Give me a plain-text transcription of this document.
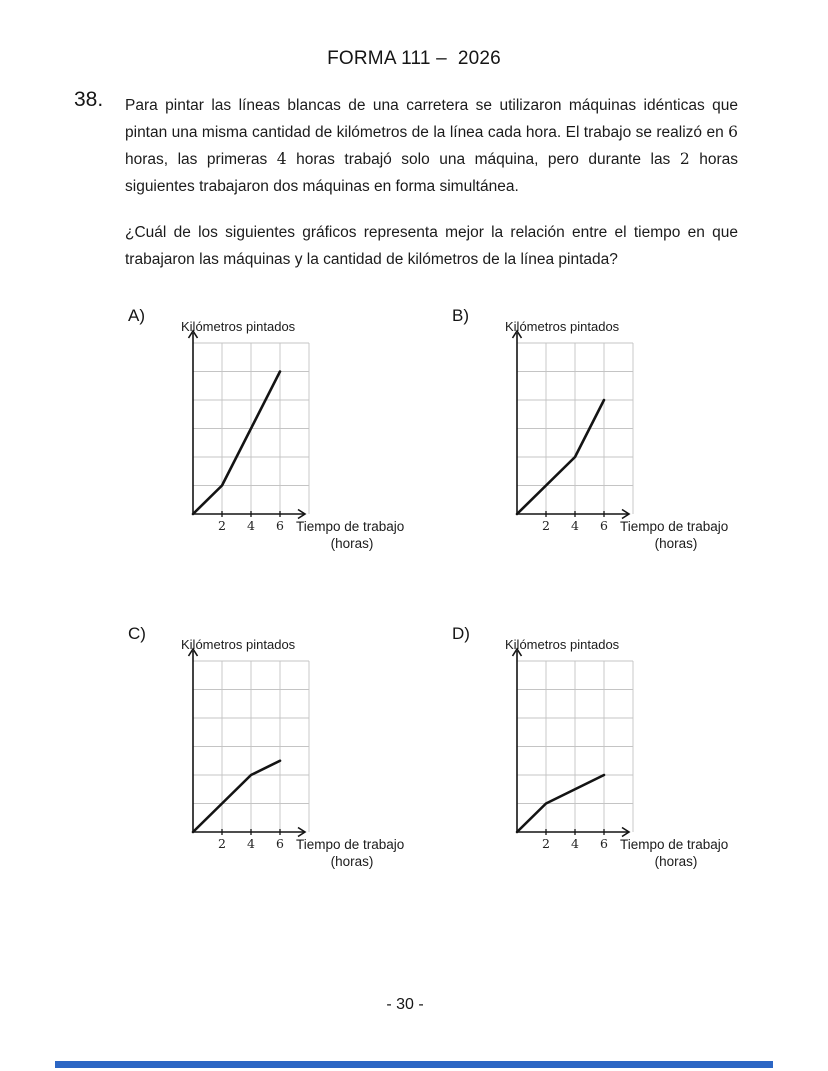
FORMA 111 –  2026
38. Para pintar las líneas blancas de una carretera se utilizaron máquinas idénticas que pintan una misma cantidad de kilómetros de la línea cada hora. El trabajo se realizó en 6 horas, las primeras 4 horas trabajó solo una máquina, pero durante las 2 horas siguientes trabajaron dos máquinas en forma simultánea.
¿Cuál de los siguientes gráficos representa mejor la relación entre el tiempo en que trabajaron las máquinas y la cantidad de kilómetros de la línea pintada?
A)
Kilómetros pintados
2 4 6 Tiempo de trabajo
(horas)
B)
Kilómetros pintados
2 4 6 Tiempo de trabajo
(horas)
C)
Kilómetros pintados
2 4 6 Tiempo de trabajo
(horas)
D)
Kilómetros pintados
2 4 6 Tiempo de trabajo
(horas)
- 30 -
